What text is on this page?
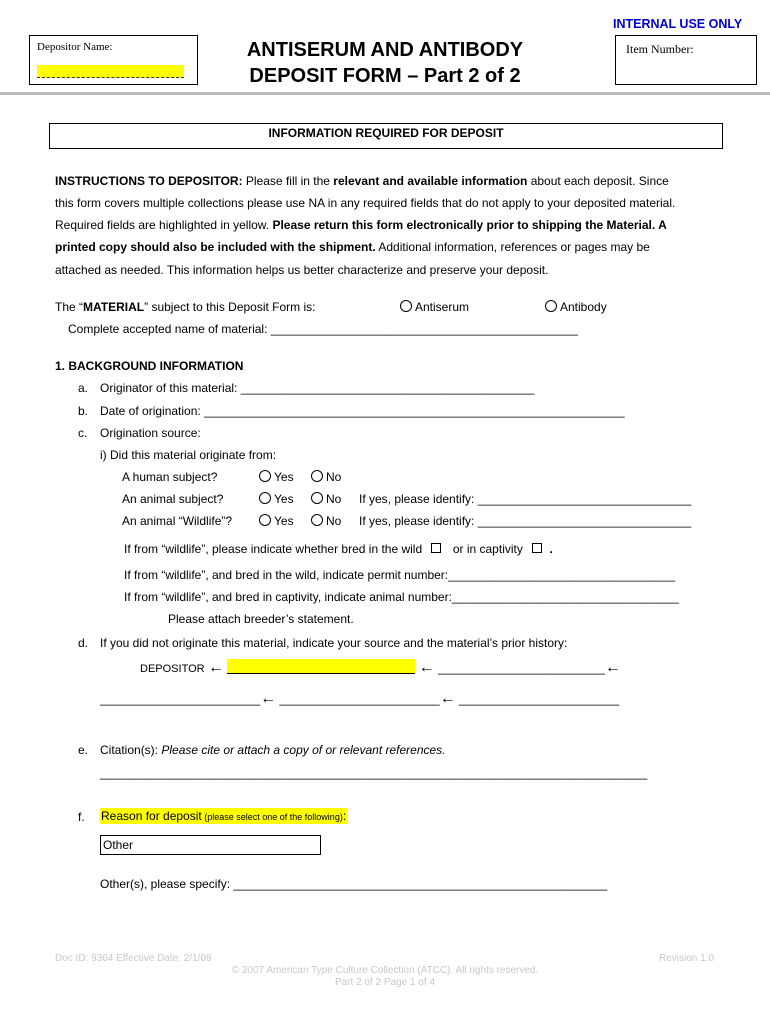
INTERNAL USE ONLY
Depositor Name:	ANTISERUM AND ANTIBODY
DEPOSIT FORM – Part 2 of 2
Item Number:
INFORMATION REQUIRED FOR DEPOSIT
INSTRUCTIONS TO DEPOSITOR: Please fill in the relevant and available information about each deposit. Since
this form covers multiple collections please use NA in any required fields that do not apply to your deposited material.
Required fields are highlighted in yellow. Please return this form electronically prior to shipping the Material. A
printed copy should also be included with the shipment. Additional information, references or pages may be
attached as needed. This information helps us better characterize and preserve your deposit.
The “MATERIAL” subject to this Deposit Form is:	Antiserum	Antibody
Complete accepted name of material: ______________________________________________
1. BACKGROUND INFORMATION
a. Originator of this material: ____________________________________________
b. Date of origination: _______________________________________________________________
c. Origination source:
i) Did this material originate from:
A human subject?	Yes	No
An animal subject?	Yes	No If yes, please identify: ________________________________
An animal “Wildlife”?	Yes	No If yes, please identify: ________________________________
If from “wildlife”, please indicate whether bred in the wild	or in captivity .
If from “wildlife”, and bred in the wild, indicate permit number:__________________________________
If from “wildlife”, and bred in captivity, indicate animal number:__________________________________
Please attach breeder’s statement.
d. If you did not originate this material, indicate your source and the material’s prior history:
DEPOSITOR ←	← _________________________←
________________________← ________________________← ________________________
e. Citation(s): Please cite or attach a copy of or relevant references.
__________________________________________________________________________________
f. Reason for deposit (please select one of the following):
Other
Other(s), please specify: ________________________________________________________
Doc ID: 9364 Effective Date: 2/1/08	Revision 1.0
© 2007 American Type Culture Collection (ATCC). All rights reserved.
Part 2 of 2 Page 1 of 4
